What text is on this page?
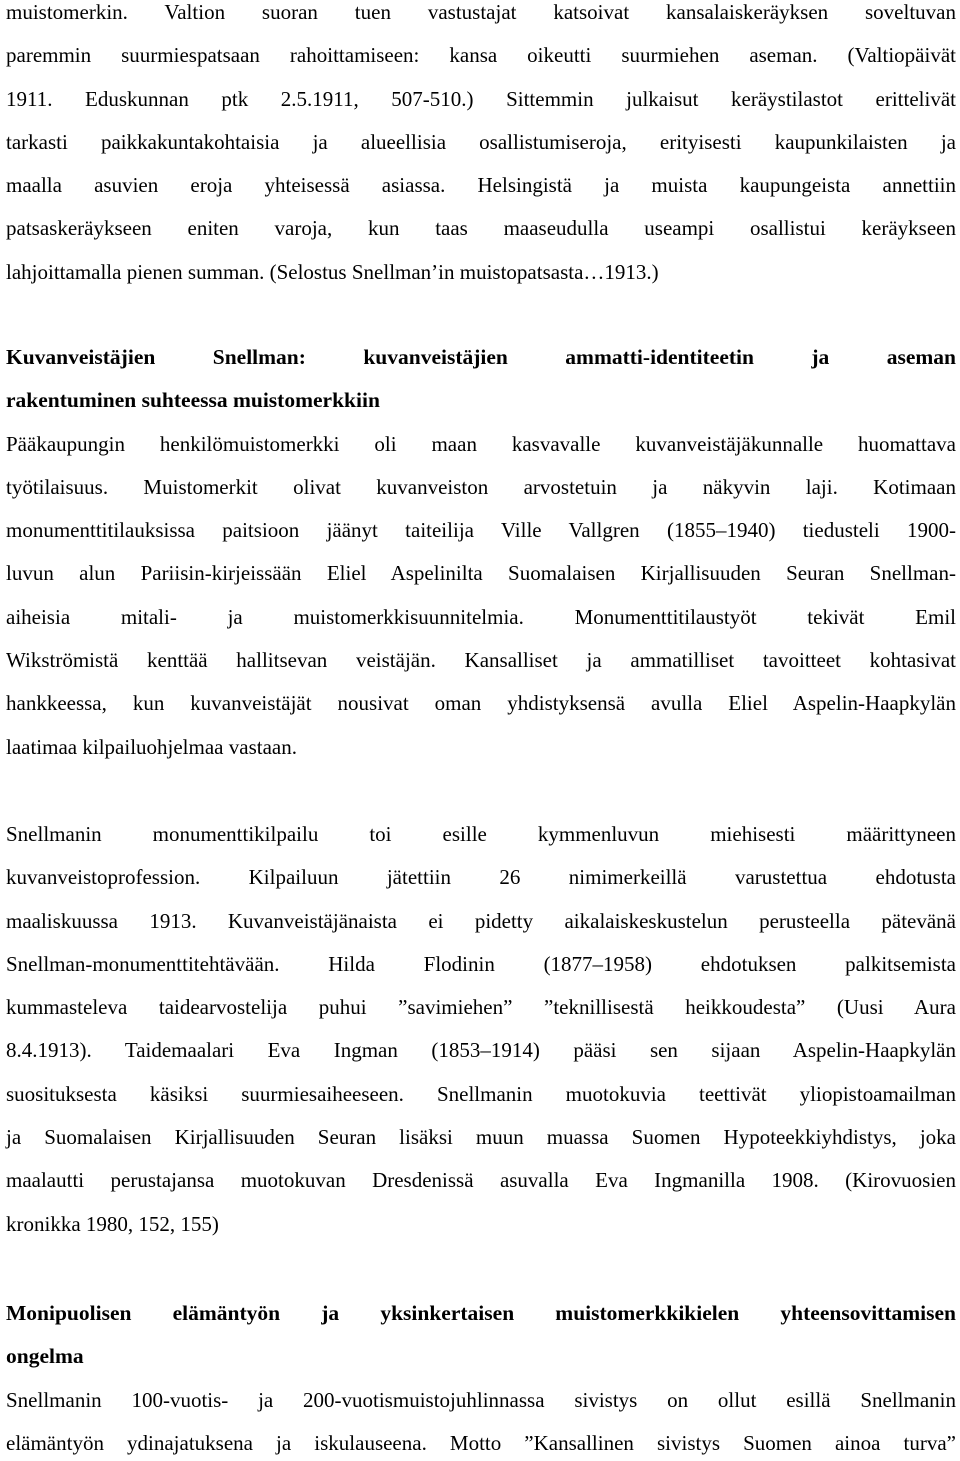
muistomerkin. Valtion suoran tuen vastustajat katsoivat kansalaiskeräyksen soveltuvan

paremmin suurmiespatsaan rahoittamiseen: kansa oikeutti suurmiehen aseman. (Valtiopäivät

1911. Eduskunnan ptk 2.5.1911, 507-510.) Sittemmin julkaisut keräystilastot erittelivät

tarkasti paikkakuntakohtaisia ja alueellisia osallistumiseroja, erityisesti kaupunkilaisten ja

maalla asuvien eroja yhteisessä asiassa. Helsingistä ja muista kaupungeista annettiin

patsaskeräykseen eniten varoja, kun taas maaseudulla useampi osallistui keräykseen

lahjoittamalla pienen summan. (Selostus Snellman’in muistopatsasta…1913.)

Kuvanveistäjien Snellman: kuvanveistäjien ammatti-identiteetin ja aseman

rakentuminen suhteessa muistomerkkiin

Pääkaupungin henkilömuistomerkki oli maan kasvavalle kuvanveistäjäkunnalle huomattava

työtilaisuus. Muistomerkit olivat kuvanveiston arvostetuin ja näkyvin laji. Kotimaan

monumenttitilauksissa paitsioon jäänyt taiteilija Ville Vallgren (1855–1940) tiedusteli 1900-

luvun alun Pariisin-kirjeissään Eliel Aspelinilta Suomalaisen Kirjallisuuden Seuran Snellman-

aiheisia mitali- ja muistomerkkisuunnitelmia. Monumenttitilaustyöt tekivät Emil

Wikströmistä kenttää hallitsevan veistäjän. Kansalliset ja ammatilliset tavoitteet kohtasivat

hankkeessa, kun kuvanveistäjät nousivat oman yhdistyksensä avulla Eliel Aspelin-Haapkylän

laatimaa kilpailuohjelmaa vastaan.

Snellmanin monumenttikilpailu toi esille kymmenluvun miehisesti määrittyneen

kuvanveistoprofession. Kilpailuun jätettiin 26 nimimerkeillä varustettua ehdotusta

maaliskuussa 1913. Kuvanveistäjänaista ei pidetty aikalaiskeskustelun perusteella pätevänä

Snellman-monumenttitehtävään. Hilda Flodinin (1877–1958) ehdotuksen palkitsemista

kummasteleva taidearvostelija puhui ”savimiehen” ”teknillisestä heikkoudesta” (Uusi Aura

8.4.1913). Taidemaalari Eva Ingman (1853–1914) pääsi sen sijaan Aspelin-Haapkylän

suosituksesta käsiksi suurmiesaiheeseen. Snellmanin muotokuvia teettivät yliopistoamailman

ja Suomalaisen Kirjallisuuden Seuran lisäksi muun muassa Suomen Hypoteekkiyhdistys, joka

maalautti perustajansa muotokuvan Dresdenissä asuvalla Eva Ingmanilla 1908. (Kirovuosien

kronikka 1980, 152, 155)

Monipuolisen elämäntyön ja yksinkertaisen muistomerkkikielen yhteensovittamisen

ongelma

Snellmanin 100-vuotis- ja 200-vuotismuistojuhlinnassa sivistys on ollut esillä Snellmanin

elämäntyön ydinajatuksena ja iskulauseena. Motto ”Kansallinen sivistys Suomen ainoa turva”
